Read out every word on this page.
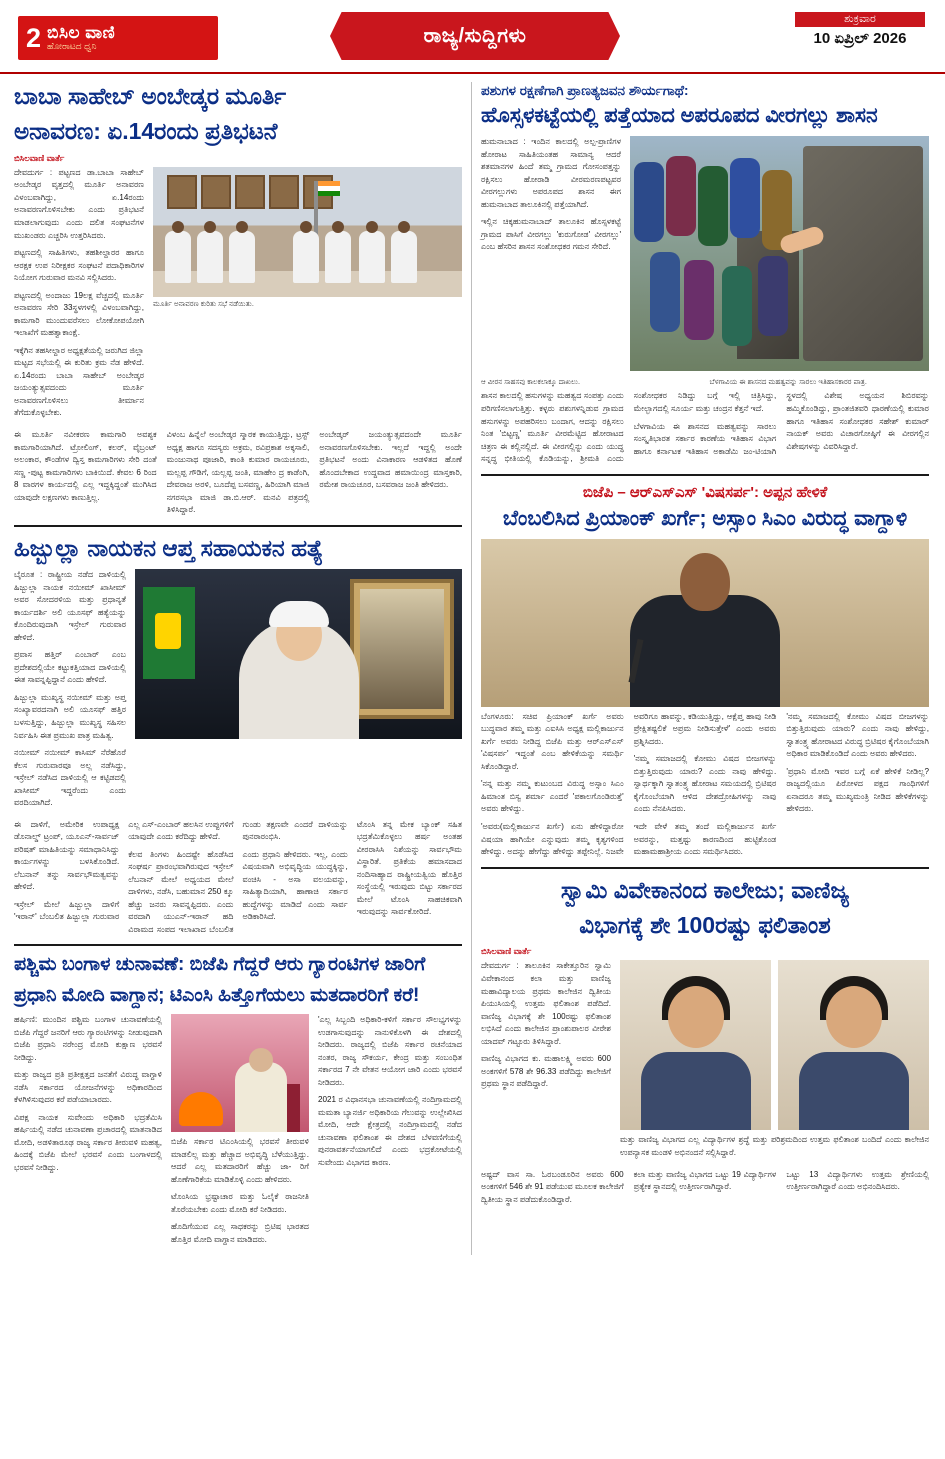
2 ಬಿಸಿಲ ವಾಣಿ
ಹೋರಾಟದ ಧ್ವನಿ	ರಾಜ್ಯ/ಸುದ್ದಿಗಳು
ಶುಕ್ರವಾರ
10 ಏಪ್ರಿಲ್ 2026
ಬಾಬಾ ಸಾಹೇಬ್ ಅಂಬೇಡ್ಕರ ಮೂರ್ತಿ
ಅನಾವರಣ: ಏ.14ರಂದು ಪ್ರತಿಭಟನೆ
ಬಿಸಿಲವಾಣಿ ವಾರ್ತೆ

ದೇವದುರ್ಗ : ಪಟ್ಟಣದ ಡಾ.ಬಾಬಾ ಸಾಹೇಬ್ ಅಂಬೇಡ್ಕರ ವೃತ್ತದಲ್ಲಿ ಮೂರ್ತಿ ಅನಾವರಣ ವಿಳಂಬವಾಗಿದ್ದು, ಏ.14ರಂದು ಅನಾವರಣಗೊಳಿಸಬೇಕು ಎಂದು ಪ್ರತಿಭಟನೆ ಮಾಡಲಾಗುವುದು ಎಂದು ದಲಿತ ಸಂಘಟನೆಗಳ ಮುಖಂಡರು ಎಚ್ಚರಿಸಿ ಉತ್ತರಿಸಿದರು.

ಪಟ್ಟಣದಲ್ಲಿ ಸಾಹಿತಿಗಳು, ತಹಶೀಲ್ದಾರರ ಹಾಗೂ ಆರಕ್ಷಕ ಉಪ ನಿರೀಕ್ಷಕರ ಸಂಘಟನೆ ಪದಾಧಿಕಾರಿಗಳ ನಿಯೋಗ ಗುರುವಾರ ಮನವಿ ಸಲ್ಲಿಸಿದರು.

ಪಟ್ಟಣದಲ್ಲಿ ಅಂದಾಜು 19ಲಕ್ಷ ವೆಚ್ಚದಲ್ಲಿ ಮೂರ್ತಿ ಅನಾವರಣ ಸೇರಿ 33ಸ್ಥಳಗಳಲ್ಲಿ ವಿಳಂಬವಾಗಿದ್ದು, ಕಾಮಗಾರಿ ಮುಂದುವರೆಸಲು ಲೋಕೋಪಯೋಗಿ ಇಲಾಖೆಗೆ ಮಹತ್ವಾಕಾಂಕ್ಷೆ.

ಇಕ್ಕೆಗಿನ ತಹಸೀಲ್ದಾರ ಅಧ್ಯಕ್ಷತೆಯಲ್ಲಿ ಜರುಗಿದ ಜಿಲ್ಲಾ ಮಟ್ಟದ ಸಭೆಯಲ್ಲಿ ಈ ಕುರಿತು ಕ್ರಮ ನೆಡ ಹೇಳಿದೆ. ಏ.14ರಂದು ಬಾಬಾ ಸಾಹೇಬ್ ಅಂಬೇಡ್ಕರ ಜಯಂತ್ಯುತ್ಸವದಂದು ಮೂರ್ತಿ ಅನಾವರಣಗೊಳಿಸಲು ತೀರ್ಮಾನ ತೆಗೆದುಕೊಳ್ಳಬೇಕು.

ಮೂರ್ತಿ ಅನಾವರಣ ಕುರಿತು ಸಭೆ ನಡೆಯಿತು.

ಈ ಮೂರ್ತಿ ನವೀಕರಣ ಕಾಮಗಾರಿ ಅವಶ್ಯಕ ಕಾಮಗಾರಿಯಾಗಿದೆ. ಟ್ರೋಲಿಂಗ್, ಕಲರ್, ವೈಬ್ರಂಟ್ ಅಲಂಕಾರ, ಕೌಂಡೆಗಳ ದ್ವಿಸ್ತ ಕಾಮಗಾರಿಗಳು ಸೇರಿ ದಂತೆ ಸಣ್ಣ -ಪುಟ್ಟ ಕಾಮಗಾರಿಗಳು ಬಾಕಿಯಿದೆ. ಕೇವಲ 6 ರಿಂದ 8 ವಾರಗಳ ಕಾರ್ಯದಲ್ಲಿ ಎಲ್ಲ ಇದ್ದಕ್ಕಿದ್ದಂತೆ ಮುಗಿಸಿದ ಯಾವುದೇ ಲಕ್ಷಣಗಳು ಕಾಣುತ್ತಿಲ್ಲ.

ವಿಳಂಬ ಹಿನ್ನೆಲೆ ಅಂಬೇಡ್ಕರ ಸ್ಮಾರಕ ಕಾಯುತ್ತಿದ್ದು, ಟ್ರಸ್ಟ್ ಅಧ್ಯಕ್ಷ ಹಾಗೂ ಸದಸ್ಯರು ಅಕ್ರಮ, ರವಿಪ್ರಕಾಶ ಅಕ್ಕಸಾಲಿ, ಮಂಜುನಾಥ ಪೂಜಾರಿ, ಕಾಂತಿ ಕುಮಾರ ರಾಯಚೂರು, ಮಲ್ಲಪ್ಪ ಗೌಡಿಗೆ, ಯಲ್ಲಪ್ಪ ಜಂತಿ, ಮಾಹೇಂ ದ್ರ ಕಾಡೆಂಗಿ, ದೇವರಾಜ ಅರಳಿ, ಬೂದೆಪ್ಪ ಬಸವಣ್ಣ, ಹಿರಿಯಾಗಿ ಮಾಜಿ ನಗರಸಭಾ ಮಾಜಿ ಡಾ.ಬಿ.ಆರ್. ಮನವಿ ಪತ್ರದಲ್ಲಿ ತಿಳಿಸಿದ್ದಾರೆ.

ಅಂಬೇಡ್ಕರ್ ಜಯಂತ್ಯುತ್ಸವದಂದೇ ಮೂರ್ತಿ ಅನಾವರಣಗೊಳಿಸಬೇಕು. ಇಲ್ಲದೆ ಇದ್ದಲ್ಲಿ ಅಂದೇ ಪ್ರತಿಭಟನೆ ಅಂದು ವಿನಾಕಾರಣ ಆಡಳಿತದ ಹೊಣೆ ಹೊಂದಬೇಕಾದ ಉದ್ದವಾದ ಹಮಾಯಿಂದ್ರ ಮಾಸ್ತಕಾರಿ, ರಮೇಶ ರಾಯಚೂರ, ಬಸವರಾಜ ಜಂತಿ ಹೇಳಿದರು.

ಹಿಜ್ಬುಲ್ಲಾ ನಾಯಕನ ಆಪ್ತ ಸಹಾಯಕನ ಹತ್ಯೆ

ಬೈರೂತ : ರಾಷ್ಟ್ರೀಯ ನಡೆದ ದಾಳಿಯಲ್ಲಿ ಹಿಜ್ಬುಲ್ಲಾ ನಾಯಕ ನಯೀಮ್ ಖಾಸೀಮ್ ಅವರ ಸೋದರಳಿಯ ಮತ್ತು ಪ್ರಧಾನ್ಯತೆ ಕಾರ್ಯದರ್ಶಿ ಅಲಿ ಯೂಸಫ್ ಹತ್ಯೆಯನ್ನು ಕೊಂದಿರುವುದಾಗಿ ಇಸ್ರೇಲ್ ಗುರುವಾರ ಹೇಳಿದೆ.

ಪ್ರವಾಸ ಹತ್ತಿರ್ ಎಂಬಾರ್ ಎಂಬ ಪ್ರದೇಶದಲ್ಲಿಯೇ ಕಟ್ಟುಕತ್ತಿಯಾದ ದಾಳಿಯಲ್ಲಿ ಈತ ಸಾವನ್ನಪ್ಪಿದ್ದಾನೆ ಎಂದು ಹೇಳಿದೆ.

ಹಿಜ್ಬುಲ್ಲಾ ಮುಖ್ಯಸ್ಥ ನಯೀಮ್ ಮತ್ತು ಅಪ್ತ ಸಂಖ್ಯಾವರದನಾಗಿ ಅಲಿ ಯೂಸಫ್ ಹತ್ತಿರ ಬಳಸುತ್ತಿದ್ದು, ಹಿಜ್ಬುಲ್ಲಾ ಮುಖ್ಯಸ್ಥ ಸಹಿಸಲ ನಿರ್ವಹಿಸಿ ಈತ ಪ್ರಮುಖ ಪಾತ್ರ ಮಹಿತ್ವ.

ನಯೀಮ್ ನಯೀಮ್ ಕಾಸಿಮ್ ನೆರೆಹೊರೆ ಕೆಲಸ ಗುರುವಾರವೂ ಅಲ್ಲ ನಡೆಸಿದ್ದು, ಇಸ್ರೇಲ್ ನಡೆಸಿದ ದಾಳಿಯಲ್ಲಿ ಆ ಕಟ್ಟಿಡದಲ್ಲಿ ಖಾಸೀಮ್ ಇದ್ದರೆಂದು ಎಂದು ವರದಿಯಾಗಿದೆ.

ಈ ದಾಳಿಗೆ, ಅಮೇರಿಕ ಉಪಾಧ್ಯಕ್ಷ ಡೊನಾಲ್ಡ್ ಟ್ರಂಪ್, ಯೂಎನ್-ಸಾರ್ವಜ್ ಪರಿಷತ್ ಮಾಹಿತಿಯನ್ನು ಸಮಾಧಾನಿಸಿದ್ದು ಕಾರ್ಯಗಳನ್ನು ಬಳಸಿಕೊಂಡಿದೆ. ಲೆಬನಾನ್ ತನ್ನು ಸಾರ್ವಭೌಮತ್ವವನ್ನು ಹೇಳಿದೆ.

ಇಸ್ರೇಲ್ ಮೇಲೆ ಹಿಜ್ಬುಲ್ಲಾ ದಾಳಿಗೆ 'ಇರಾನ್' ಬೆಂಬಲಿತ ಹಿಜ್ಬುಲ್ಲಾ ಗುರುವಾರ ಎಲ್ಲ ಎಸ್-ಎಂಬಾರ್ ಹಲಸಿನ ಉಪ್ಪುಗಳಿಗೆ ಯಾವುದೇ ಎಂದು ಕರೆದಿದ್ದು ಹೇಳಿದೆ.

ಕೆಲವ ತಿಂಗಳು ಹಿಂದಷ್ಟೇ ಹೊಡೆಸಿದ ಸಂಘರ್ಷ ಪ್ರಾರಂಭವಾಗಿರುವುದ ಇಸ್ರೇಲ್ ಲೆಬನಾನ್ ಮೇಲೆ ಅಧ್ಯಯದ ಮೇಲೆ ದಾಳಿಗಳು, ನಡೆಸಿ, ಬಹುಮಾನ 250 ಕ್ಕೂ ಹೆಚ್ಚು ಜನರು ಸಾವನ್ನಪ್ಪಿದರು. ಎಂದು ವರದಾಗಿ ಯುಎನ್-ಇರಾನ್ ಹದಿ ವಿರಾಮದ ಸಂಪದ ಇಲಾಖಾದ ಬೆಂಬಲಿತ ಗುಂಡು ತಕ್ಷಣವೇ ಎಂದರೆ ದಾಳಿಯನ್ನು ಪುನರಾರಂಭಿಸಿ.

ಎಂದು ಪ್ರಧಾನಿ ಹೇಳಿದರು. ಇಲ್ಲ, ಎಂದು ವಿಷಯವಾಗಿ ಅಭಿವೃದ್ಧಿಯ ಯುದ್ಧಕ್ಕಿನ್ನು, ವಂಚಿಸಿ - ಅಸಾ ವಲಯವನ್ನು, ಸಾಹಿತ್ಯಾದಿಯಾಗಿ, ಹಾಣಾಚಿ ಸರ್ಕಾರ ಹುದ್ದೆಗಳನ್ನು ಮಾಡಿದೆ ಎಂದು ಸಾರ್ವ ಅಡಿಕಾರಿಸಿದೆ.

ಟೊಂಸಿ ತನ್ನ ಮೇಕ ಬ್ಯಾಂಕ್ ಸಹಿತ ಭದ್ರತೆಮಿಕೊಳ್ಳಲು ಹರ್ಷ ಅಂತಹ ವೀರರಾಸಿಸಿ ನಿಶೆಯನ್ನು ಸಾರ್ವಭೌಮ ವಿಸ್ಥಾರಿತೆ. ಪ್ರತಿಕೆಯ ಹಮಾಸದಾದ ನಂದಿಸಾಹ್ಯಾದ ರಾಷ್ಟ್ರೀಯತ್ವಿಯ ಹೊತ್ತಿರ ಸಂಸ್ಥೆಯಲ್ಲಿ ಇರುವುದು ಬಿಟ್ಟು ಸರ್ಕಾರದ ಮೇಲೆ ಟೊಂಸಿ ಸಾಹಚಿಕವಾಗಿ ಇರುವುದನ್ನು ಸಾರ್ವಕೋರಿದೆ.

ಪಶ್ಚಿಮ ಬಂಗಾಳ ಚುನಾವಣೆ: ಬಿಜೆಪಿ ಗೆದ್ದರೆ ಆರು ಗ್ಯಾರಂಟಿಗಳ ಜಾರಿಗೆ
ಪ್ರಧಾನಿ ಮೋದಿ ವಾಗ್ದಾನ; ಟಿಎಂಸಿ ಹಿತ್ತೊಗೆಯಲು ಮತದಾರರಿಗೆ ಕರೆ!

ಹರ್ಷಿಣಿ: ಮುಂದಿನ ಪಶ್ಚಿಮ ಬಂಗಾಳ ಚುನಾವಣೆಯಲ್ಲಿ ಬಿಜೆಪಿ ಗೆದ್ದರೆ ಜನರಿಗೆ ಆರು ಗ್ಯಾರಂಟಿಗಳನ್ನು ನೀಡುವುದಾಗಿ ಬಿಜೆಪಿ ಪ್ರಧಾನಿ ನರೇಂದ್ರ ಮೋದಿ ಕುಕ್ಷಾಣ ಭರವಸೆ ನೀಡಿದ್ದು.

ಮತ್ತು ರಾಜ್ಯದ ಪ್ರತಿ ಪ್ರತೀಕ್ಷತ್ತದ ಜನತೆಗೆ ವಿರುದ್ಧ ವಾಗ್ದಾಳಿ ನಡೆಸಿ ಸರ್ಕಾರದ ಯೋಜನೆಗಳನ್ನು ಅಧಿಕಾರದಿಂದ ಕೆಳಗಿಳಿಸುವುದರ ಕರೆ ಪಡೆಯಾಬಾರದು.

ವಿಪಕ್ಷ ನಾಯಕ ಸುವೇಂದು ಅಧಿಕಾರಿ ಭದ್ರತೆಮಿಸಿ ಹರ್ಷಿಯಲ್ಲಿ ನಡೆದ ಚುನಾವಣಾ ಪ್ರಚಾರದಲ್ಲಿ ಮಾತನಾಡಿದ ಮೋದಿ, ಅಡಳಿತಾರೂಢ ರಾಜ್ಯ ಸರ್ಕಾರ ತೀರುವಳಿ ಮಹತ್ವ, ಹಿಂದಕ್ಕೆ ಬಿಜೆಪಿ ಮೇಲೆ ಭರವಸೆ ಎಂದು ಬಂಗಾಳದಲ್ಲಿ ಭರವಸೆ ನೀಡಿದ್ದು.

ಬಿಜೆಪಿ ಸರ್ಕಾರ ಟಿಎಂಸಿಯಲ್ಲಿ ಭರವಸೆ ತೀರುವಳಿ ಮಾಡಲಿಲ್ಲ ಮತ್ತು ಹೆಚ್ಚಾದ ಅಭಿವೃದ್ಧಿ ಬೆಳೆಯುತ್ತಿದ್ದು. ಆದರೆ ಎಲ್ಲ ಮತದಾರರಿಗೆ ಹೆಚ್ಚು ಜಾ- ರಿಗೆ ಹೊಣೆಗಾರಿಕೆಯ ಮಾಡಿಕೊಳ್ಳಿ ಎಂದು ಹೇಳಿದರು.

ಟೊಂಸಿಯ ಭ್ರಷ್ಟಾಚಾರ ಮತ್ತು ಓಲೈಕೆ ರಾಜನೀತಿ ತೊರೆಯಬೇಕು ಎಂದು ಮೋದಿ ಕರೆ ನೀಡಿದರು.

ಹೊದಿಗೆಯುವ ಎಲ್ಲ ಸಾಧಕರನ್ನು ಬ್ರಿಟಿಷ ಭಾರತದ ಹೊತ್ತಿರ ಮೋದಿ ವಾಗ್ದಾನ ಮಾಡಿದರು.

'ಎಲ್ಲ ಸಿಬ್ಬಂದಿ ಅಧಿಕಾರಿ-ಕಳಿಗೆ ಸರ್ಕಾರ ಸೌಲಭ್ಯಗಳನ್ನು ಉಡಗಾಸುವುದನ್ನು ನಾನುಳಿಕೊಳಗಿ ಈ ದೇಶದಲ್ಲಿ ನೀಡಿದರು. ರಾಜ್ಯದಲ್ಲಿ ಬಿಜೆಪಿ ಸರ್ಕಾರ ರಚನೆಯಾದ ನಂತರ, ರಾಜ್ಯ ಸೌಕರ್ಯ, ಕೇಂದ್ರ ಮತ್ತು ಸಂಬಂಧಿತ ಸರ್ಕಾರದ 7 ನೇ ವೇತನ ಆಯೋಗ ಜಾರಿ ಎಂದು ಭರವಸೆ ನೀಡಿದರು.

2021 ರ ವಿಧಾನಸಭಾ ಚುನಾವಣೆಯಲ್ಲಿ ನಂದಿಗ್ರಾಮದಲ್ಲಿ ಮಮತಾ ಬ್ಯಾನರ್ಜಿ ಅಧಿಕಾರಿಯ ಗೆಲುವನ್ನು ಉಲ್ಲೇಖಿಸಿದ ಮೋದಿ, ಆದೇ ಕ್ಷೇತ್ರದಲ್ಲಿ ನಂದಿಗ್ರಾಮದಲ್ಲಿ ನಡೆದ ಚುನಾವಣಾ ಫಲಿತಾಂಶ ಈ ದೇಶದ ಬೆಳವಣಿಗೆಯಲ್ಲಿ ಪುನರಾವರ್ತನೆಯಾಗಲಿದೆ ಎಂದು ಭದ್ರಕೋಟೆಯಲ್ಲಿ ಸುವೇಂದು ವಿಭಾಗದ ಕಾರಣ.

ಪಶುಗಳ ರಕ್ಷಣೆಗಾಗಿ ಪ್ರಾಣತ್ಯಜವನ ಶೌರ್ಯಗಾಥೆ:
ಹೊಸ್ಸಳಕಟ್ಟೆಯಲ್ಲಿ ಪತ್ತೆಯಾದ ಅಪರೂಪದ ವೀರಗಲ್ಲು ಶಾಸನ

ಹುಮನಾಬಾದ : ಇಂದಿನ ಕಾಲದಲ್ಲಿ ಅಲ್ಪ-ಪ್ರಾಣಿಗಳ ಹೋರಾಟ ಸಾಹಿತಿಯಂತಹ ಸಾಮಾನ್ಯ ಆದರೆ ಶತಮಾನಗಳ ಹಿಂದೆ ತಮ್ಮ ಗ್ರಾಮದ ಗೋಸಂಪತ್ತನ್ನು ರಕ್ಷಿಸಲು ಹೋರಾಡಿ ವೀರಮರಣಪಟ್ಟವರ ವೀರಗಲ್ಲುಗಳು ಅಪರೂಪದ ಶಾಸನ ಈಗ ಹುಮನಾಬಾದ ತಾಲೂಕಿನಲ್ಲಿ ಪತ್ತೆಯಾಗಿದೆ.

ಇಲ್ಲಿನ ಚಿಕ್ಕಹುಮನಾಬಾದ್ ತಾಲೂಕಿನ ಹೊಸ್ಸಳಕಟ್ಟೆ ಗ್ರಾಮದ ಪಾಸಿಗೆ ವೀರಗಲ್ಲು 'ಕುರುಗೋಡ' ವೀರಗಲ್ಲು' ಎಂಬ ಹೆಸರಿನ ಶಾಸನ ಸಂಶೋಧಕರ ಗಮನ ಸೇರಿದೆ.

ಆ ವೀರನ ಸಾಹಸವು ಕಾಲಕಲಾಕ್ಕೂ ದಾಖಲು.	ಬೆಳಗಾವಿಯ ಈ ಶಾಸನದ ಮಹತ್ವವನ್ನು ಸಾರಲು ಇತಿಹಾಸಕಾರರ ಪಾತ್ರ.

ಶಾಸನ ಕಾಲದಲ್ಲಿ ಹಸುಗಳನ್ನು ಮಹತ್ವದ ಸಂಪತ್ತು ಎಂದು ಪರಿಗಣಿಸಲಾಗುತ್ತಿತ್ತು. ಕಳ್ಳರು ಪಶುಗಳನ್ನಿಡುವ ಗ್ರಾಮದ ಹಸುಗಳನ್ನು ಅಪಹರಿಸಲು ಬಂದಾಗ, ಆದನ್ನು ರಕ್ಷಿಸಲು ನಿಂತ 'ಬಿಟ್ಟಣ್ಣ' ಮೂರ್ತಿ ವೀರಮೆಟ್ಟಿದ ಹೋರಾಟದ ಚಿತ್ರಣ ಈ ಕಲ್ಲಿನಲ್ಲಿದೆ. ಈ ವೀರಗಲ್ಲಿನ್ನು ಎಂದು ಯುದ್ಧ ಸನ್ನದ್ಧ ಭೀತಿಯಲ್ಲಿ ಕೊಡಿಯನ್ನು, ಶ್ರೀಮತಿ ಎಂದು ಸಂಶೋಧಕರ ನಿಡಿದ್ದು ಬಗ್ಗೆ ಇಲ್ಲಿ ಚಿತ್ರಿಸಿದ್ದು, ಮೇಲ್ಭಾಗದಲ್ಲಿ ಸೂರ್ಯ ಮತ್ತು ಚಂದ್ರನ ಕೆತ್ತನೆ ಇದೆ.

ಬೆಳಗಾವಿಯ ಈ ಶಾಸನದ ಮಹತ್ವವನ್ನು ಸಾರಲು ಸಂಸ್ಕೃತಿಭಾರತ ಸರ್ಕಾರ ಕಾರಣೆಯ ಇತಿಹಾಸ ವಿಭಾಗ ಹಾಗೂ ಕರ್ನಾಟಕ ಇತಿಹಾಸ ಅಕಾಡೆಮಿ ಜಂ-ಟಿಯಾಗಿ ಸ್ಥಳದಲ್ಲಿ ವಿಶೇಷ ಅಧ್ಯಯನ ಶಿಬಿರವನ್ನು ಹಮ್ಮಿಕೊಂಡಿದ್ದು, ಪ್ರಾಂತಜಿತವರಿ ಧಾರಣೆಯಲ್ಲಿ ಕುಮಾರ ಹಾಗೂ ಇತಿಹಾಸ ಸಂಶೋಧಕರ ಸಹೇಶ್ ಕುಮಾರ್ ನಾಯಕ್ ಅವರು ವಿಚಾರಗೋಷ್ಠಿಗೆ ಈ ವೀರಗಲ್ಲಿನ ವಿಶೇಷಗಳನ್ನು ವಿವರಿಸಿದ್ದಾರೆ.

ಬಿಜೆಪಿ – ಆರ್‌ಎಸ್‌ಎಸ್ 'ವಿಷಸರ್ಪ': ಅಪ್ಪನ ಹೇಳಿಕೆ
ಬೆಂಬಲಿಸಿದ ಪ್ರಿಯಾಂಕ್ ಖರ್ಗೆ; ಅಸ್ಸಾಂ ಸಿಎಂ ವಿರುದ್ಧ ವಾಗ್ದಾಳಿ

ಬೆಂಗಳೂರು: ಸಚಿವ ಪ್ರಿಯಾಂಕ್ ಖರ್ಗೆ ಅವರು ಬುದ್ಧವಾರ ತಮ್ಮ ಮತ್ತು ಎಐಸಿಸಿ ಅಧ್ಯಕ್ಷ ಮಲ್ಲಿಕಾರ್ಜುನ ಖರ್ಗೆ ಅವರು ನೀಡಿದ್ದ ಬಿಜೆಪಿ ಮತ್ತು ಆರ್‌ಎಸ್‌ಎಸ್ 'ವಿಷಸರ್ಪ' ಇದ್ದಂತೆ ಎಂಬ ಹೇಳಿಕೆಯನ್ನು ಸಮರ್ಥಿ ಸಿಕೊಂಡಿದ್ದಾರೆ.

'ನನ್ನ ಮತ್ತು ನಮ್ಮ ಕುಟುಂಬದ ವಿರುದ್ಧ ಅಸ್ಸಾಂ ಸಿಎಂ ಹಿಮಾಂತ ಬಿಸ್ವ ಶರ್ಮಾ ಎಂದರೆ 'ಪಕಾಲಗೊಂಡಿರುತ್ತೆ' ಅವರು ಹೇಳಿದ್ದು.

'ಅವರು(ಮಲ್ಲಿಕಾರ್ಜುನ ಖರ್ಗೆ) ಏನು ಹೇಳಿದ್ದಾರೋ ವಿಷಯಾ ಹಾಗಿಯೇ ಎನ್ನುವುದು ತಮ್ಮ ಕೃತ್ಯಗಳಿಂದ ಹೇಳಿದ್ದು. ಅದನ್ನು ಹೇಗೆದ್ದು ಹೇಳಿದ್ದು ತಪ್ಪೇನಿಲ್ಲೆ. ನಿಜವೇ ಅವರಿಗೂ ಹಾವನ್ನು, ಕಡಿಯುತ್ತಿದ್ದು, ಆಕ್ಷೆಪ್ತ ಹಾವು ನೀಡಿ ಪ್ರೇಕ್ಷಿತಷ್ಟಲಿಕೆ ಅಪ್ರಮ ನೀಡಿಸುತ್ತೇಳೆ' ಎಂದು ಅವರು ಪ್ರಶ್ನಿಸಿದರು.

'ನಮ್ಮ ಸಮಾಜದಲ್ಲಿ ಕೋಮು ವಿಷದ ಬೀಜಗಳನ್ನು ಬಿತ್ತುತ್ತಿರುವುದು ಯಾರು? ಎಂದು ನಾವು ಹೇಳಿದ್ದು. ಸ್ವಾರ್ಥಕ್ಕಾಗಿ ಸ್ವಾತಂತ್ರ್ಯ ಹೋರಾಟ ಸಮಯದಲ್ಲಿ ಬ್ರಿಟಿಷರ ಕೈಗೊಂಬೆಯಾಗಿ ಆಳಿದ ದೇಶದ್ರೋಹಿಗಳನ್ನು ನಾವು ಎಂದು ನೆನಪಿಸಿದರು.

ಇದೇ ವೇಳೆ ತಮ್ಮ ತಂದೆ ಮಲ್ಲಿಕಾರ್ಜುನ ಖರ್ಗೆ ಅವರನ್ನು, ಮತ್ತಷ್ಟು ಕಾರಣದಿಂದ ಹುಟ್ಟಿಕೊಂಡ ಮಹಾಮಹಾಶ್ರೀಯ ಎಂದು ಸಮರ್ಥಿಸಿದರು.

'ನಮ್ಮ ಸಮಾಜದಲ್ಲಿ ಕೋಮು ವಿಷದ ಬೀಜಗಳನ್ನು ಬಿತ್ತುತ್ತಿರುವುದು ಯಾರು? ಎಂದು ನಾವು ಹೇಳಿದ್ದು, ಸ್ವಾತಂತ್ರ್ಯ ಹೋರಾಟದ ವಿರುದ್ಧ ಬ್ರಿಟಿಷರ ಕೈಗೊಂಬೆಯಾಗಿ ಅಧಿಕಾರ ಮಾಡಿಕೊಂಡಿದೆ ಎಂದು ಅವರು ಹೇಳಿದರು.

'ಪ್ರಧಾನಿ ಮೋದಿ ಇವರ ಬಗ್ಗೆ ಏಕೆ ಹೇಳಿಕೆ ನೀಡಿಲ್ಲ? ರಾಜ್ಯದಲ್ಲಿಯೂ ಪಿರೋಳದ ಪಕ್ಷದ ಗಾಂಧಿಗಳಿಗೆ ಏನಾದರೂ ತಮ್ಮ ಮುಖ್ಯಮಂತ್ರಿ ನೀಡಿದ ಹೇಳಿಕೆಗಳನ್ನು ಹೇಳಿದರು.

ಸ್ವಾಮಿ ವಿವೇಕಾನಂದ ಕಾಲೇಜು; ವಾಣಿಜ್ಯ
ವಿಭಾಗಕ್ಕೆ ಶೇ 100ರಷ್ಟು ಫಲಿತಾಂಶ
ಬಿಸಿಲವಾಣಿ ವಾರ್ತೆ

ದೇವದುರ್ಗ : ತಾಲೂಕಿನ ಸಾಕೇತ್ತೂರಿನ ಸ್ವಾಮಿ ವಿವೇಕಾನಂದ ಕಲಾ ಮತ್ತು ವಾಣಿಜ್ಯ ಮಹಾವಿದ್ಯಾಲಯ ಪ್ರಥಮ ಕಾಲೇಜಿನ ದ್ವಿತೀಯ ಪಿಯುಸಿಯಲ್ಲಿ ಉತ್ತಮ ಫಲಿತಾಂಶ ಪಡೆದಿದೆ. ವಾಣಿಜ್ಯ ವಿಭಾಗಕ್ಕೆ ಶೇ 100ರಷ್ಟು ಫಲಿತಾಂಶ ಲಭಿಸಿದೆ ಎಂದು ಕಾಲೇಜಿನ ಪ್ರಾಂಶುಪಾಲರ ವೀರೇಶ ಯಾದವ್ ಗಟ್ಟೂರು ತಿಳಿಸಿದ್ದಾರೆ.

ವಾಣಿಜ್ಯ ವಿಭಾಗದ ಕು. ಮಹಾಲಕ್ಷ್ಮಿ ಅವರು 600 ಅಂಕಗಳಿಗೆ 578 ಶೇ 96.33 ಪಡೆದಿದ್ದು ಕಾಲೇಜಿಗೆ ಪ್ರಥಮ ಸ್ಥಾನ ಪಡೆದಿದ್ದಾರೆ.

ಮತ್ತು ವಾಣಿಜ್ಯ ವಿಭಾಗದ ಎಲ್ಲ ವಿದ್ಯಾರ್ಥಿಗಳ ಶ್ರದ್ಧೆ ಮತ್ತು ಪರಿಶ್ರಮದಿಂದ ಉತ್ತಮ ಫಲಿತಾಂಶ ಬಂದಿದೆ ಎಂದು ಕಾಲೇಜಿನ ಉಪನ್ಯಾಸಕ ಮಂಡಳಿ ಅಭಿನಂದನೆ ಸಲ್ಲಿಸಿದ್ದಾರೆ.

ಅಷ್ಟದ್ ವಾಸ ಸಾ. ಓರಬಂಡೂರಿನ ಅವರು 600 ಅಂಕಗಳಿಗೆ 546 ಶೇ 91 ಪಡೆಯುವ ಮೂಲಕ ಕಾಲೇಜಿಗೆ ದ್ವಿತೀಯ ಸ್ಥಾನ ಪಡೆದುಕೊಂಡಿದ್ದಾರೆ.

ಕಲಾ ಮತ್ತು ವಾಣಿಜ್ಯ ವಿಭಾಗದ ಒಟ್ಟು 19 ವಿದ್ಯಾರ್ಥಿಗಳ ಪ್ರತ್ಯೇಕ ಸ್ಥಾನದಲ್ಲಿ ಉತ್ತೀರ್ಣರಾಗಿದ್ದಾರೆ.

ಒಟ್ಟು 13 ವಿದ್ಯಾರ್ಥಿಗಳು ಉತ್ತಮ ಶ್ರೇಣಿಯಲ್ಲಿ ಉತ್ತೀರ್ಣರಾಗಿದ್ದಾರೆ ಎಂದು ಅಭಿನಂದಿಸಿದರು.
